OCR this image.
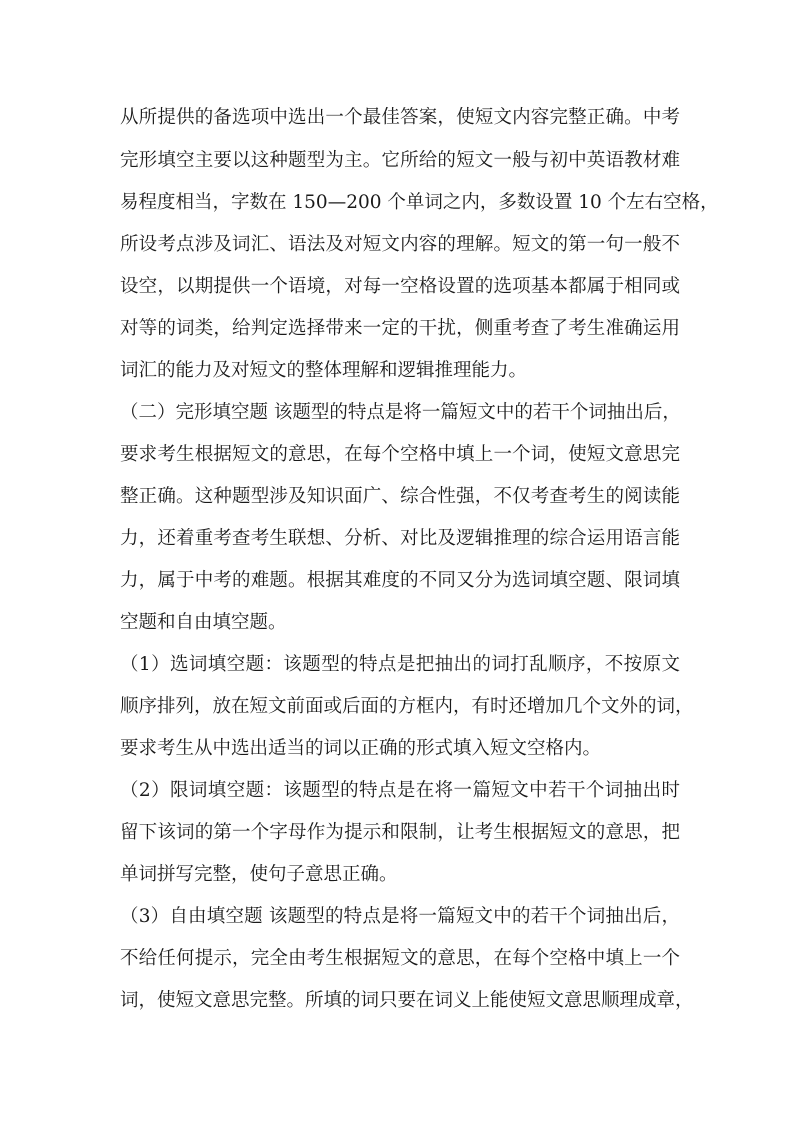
从所提供的备选项中选出一个最佳答案，使短文内容完整正确。中考
完形填空主要以这种题型为主。它所给的短文一般与初中英语教材难
易程度相当，字数在 150—200 个单词之内，多数设置 10 个左右空格，
所设考点涉及词汇、语法及对短文内容的理解。短文的第一句一般不
设空，以期提供一个语境，对每一空格设置的选项基本都属于相同或
对等的词类，给判定选择带来一定的干扰，侧重考查了考生准确运用
词汇的能力及对短文的整体理解和逻辑推理能力。
（二）完形填空题 该题型的特点是将一篇短文中的若干个词抽出后，
要求考生根据短文的意思，在每个空格中填上一个词，使短文意思完
整正确。这种题型涉及知识面广、综合性强，不仅考查考生的阅读能
力，还着重考查考生联想、分析、对比及逻辑推理的综合运用语言能
力，属于中考的难题。根据其难度的不同又分为选词填空题、限词填
空题和自由填空题。
（1）选词填空题：该题型的特点是把抽出的词打乱顺序，不按原文
顺序排列，放在短文前面或后面的方框内，有时还增加几个文外的词，
要求考生从中选出适当的词以正确的形式填入短文空格内。
（2）限词填空题：该题型的特点是在将一篇短文中若干个词抽出时
留下该词的第一个字母作为提示和限制，让考生根据短文的意思，把
单词拼写完整，使句子意思正确。
（3）自由填空题 该题型的特点是将一篇短文中的若干个词抽出后，
不给任何提示，完全由考生根据短文的意思，在每个空格中填上一个
词，使短文意思完整。所填的词只要在词义上能使短文意思顺理成章，
